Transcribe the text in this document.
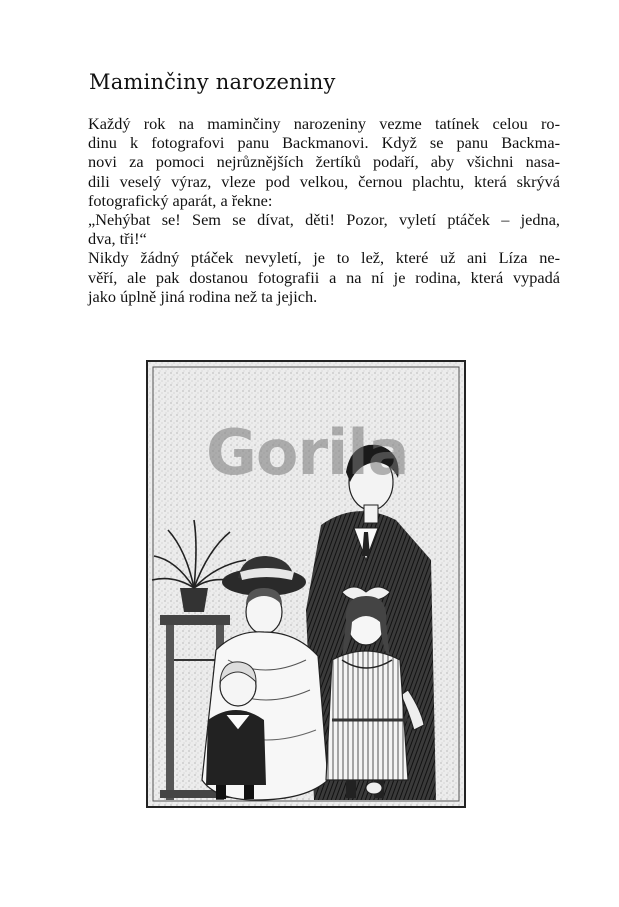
Maminčiny narozeniny
Každý rok na maminčiny narozeniny vezme tatínek celou ro-
dinu k fotografovi panu Backmanovi. Když se panu Backma-
novi za pomoci nejrůznějších žertíků podaří, aby všichni nasa-
dili veselý výraz, vleze pod velkou, černou plachtu, která skrývá
fotografický aparát, a řekne:
„Nehýbat se! Sem se dívat, děti! Pozor, vyletí ptáček – jedna,
dva, tři!“
Nikdy žádný ptáček nevyletí, je to lež, které už ani Líza ne-
věří, ale pak dostanou fotografii a na ní je rodina, která vypadá
jako úplně jiná rodina než ta jejich.
Gorila
